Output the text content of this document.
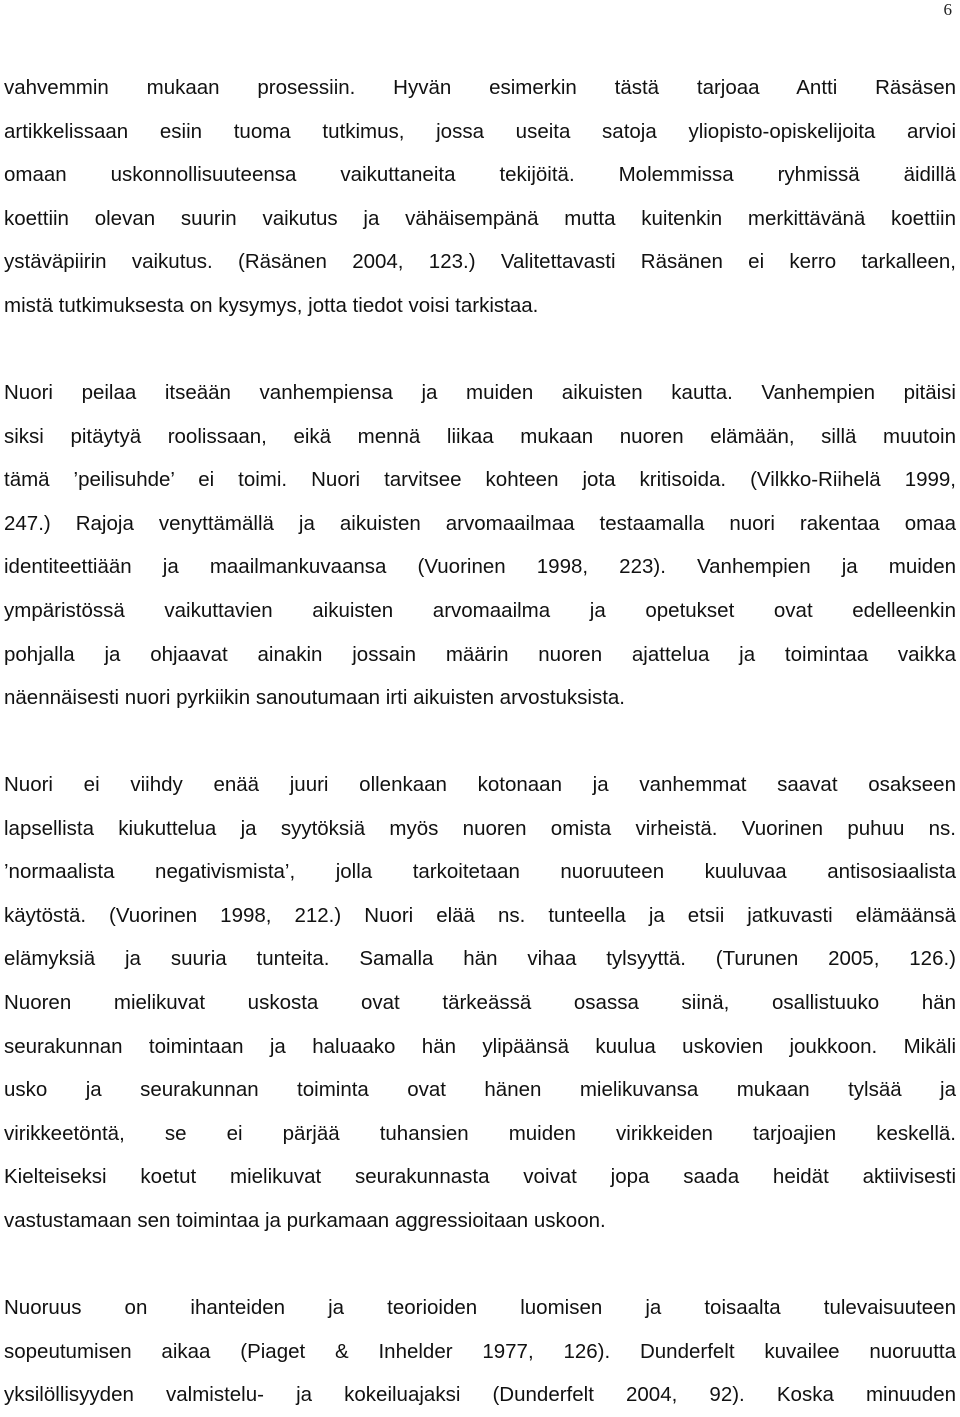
6
vahvemmin mukaan prosessiin. Hyvän esimerkin tästä tarjoaa Antti Räsäsen
artikkelissaan esiin tuoma tutkimus, jossa useita satoja yliopisto-opiskelijoita arvioi
omaan uskonnollisuuteensa vaikuttaneita tekijöitä. Molemmissa ryhmissä äidillä
koettiin olevan suurin vaikutus ja vähäisempänä mutta kuitenkin merkittävänä koettiin
ystäväpiirin vaikutus. (Räsänen 2004, 123.) Valitettavasti Räsänen ei kerro tarkalleen,
mistä tutkimuksesta on kysymys, jotta tiedot voisi tarkistaa.
Nuori peilaa itseään vanhempiensa ja muiden aikuisten kautta. Vanhempien pitäisi
siksi pitäytyä roolissaan, eikä mennä liikaa mukaan nuoren elämään, sillä muutoin
tämä ’peilisuhde’ ei toimi. Nuori tarvitsee kohteen jota kritisoida. (Vilkko-Riihelä 1999,
247.) Rajoja venyttämällä ja aikuisten arvomaailmaa testaamalla nuori rakentaa omaa
identiteettiään ja maailmankuvaansa (Vuorinen 1998, 223). Vanhempien ja muiden
ympäristössä vaikuttavien aikuisten arvomaailma ja opetukset ovat edelleenkin
pohjalla ja ohjaavat ainakin jossain määrin nuoren ajattelua ja toimintaa vaikka
näennäisesti nuori pyrkiikin sanoutumaan irti aikuisten arvostuksista.
Nuori ei viihdy enää juuri ollenkaan kotonaan ja vanhemmat saavat osakseen
lapsellista kiukuttelua ja syytöksiä myös nuoren omista virheistä. Vuorinen puhuu ns.
’normaalista negativismista’, jolla tarkoitetaan nuoruuteen kuuluvaa antisosiaalista
käytöstä. (Vuorinen 1998, 212.) Nuori elää ns. tunteella ja etsii jatkuvasti elämäänsä
elämyksiä ja suuria tunteita. Samalla hän vihaa tylsyyttä. (Turunen 2005, 126.)
Nuoren mielikuvat uskosta ovat tärkeässä osassa siinä, osallistuuko hän
seurakunnan toimintaan ja haluaako hän ylipäänsä kuulua uskovien joukkoon. Mikäli
usko ja seurakunnan toiminta ovat hänen mielikuvansa mukaan tylsää ja
virikkeetöntä, se ei pärjää tuhansien muiden virikkeiden tarjoajien keskellä.
Kielteiseksi koetut mielikuvat seurakunnasta voivat jopa saada heidät aktiivisesti
vastustamaan sen toimintaa ja purkamaan aggressioitaan uskoon.
Nuoruus on ihanteiden ja teorioiden luomisen ja toisaalta tulevaisuuteen
sopeutumisen aikaa (Piaget & Inhelder 1977, 126). Dunderfelt kuvailee nuoruutta
yksilöllisyyden valmistelu- ja kokeiluajaksi (Dunderfelt 2004, 92). Koska minuuden
